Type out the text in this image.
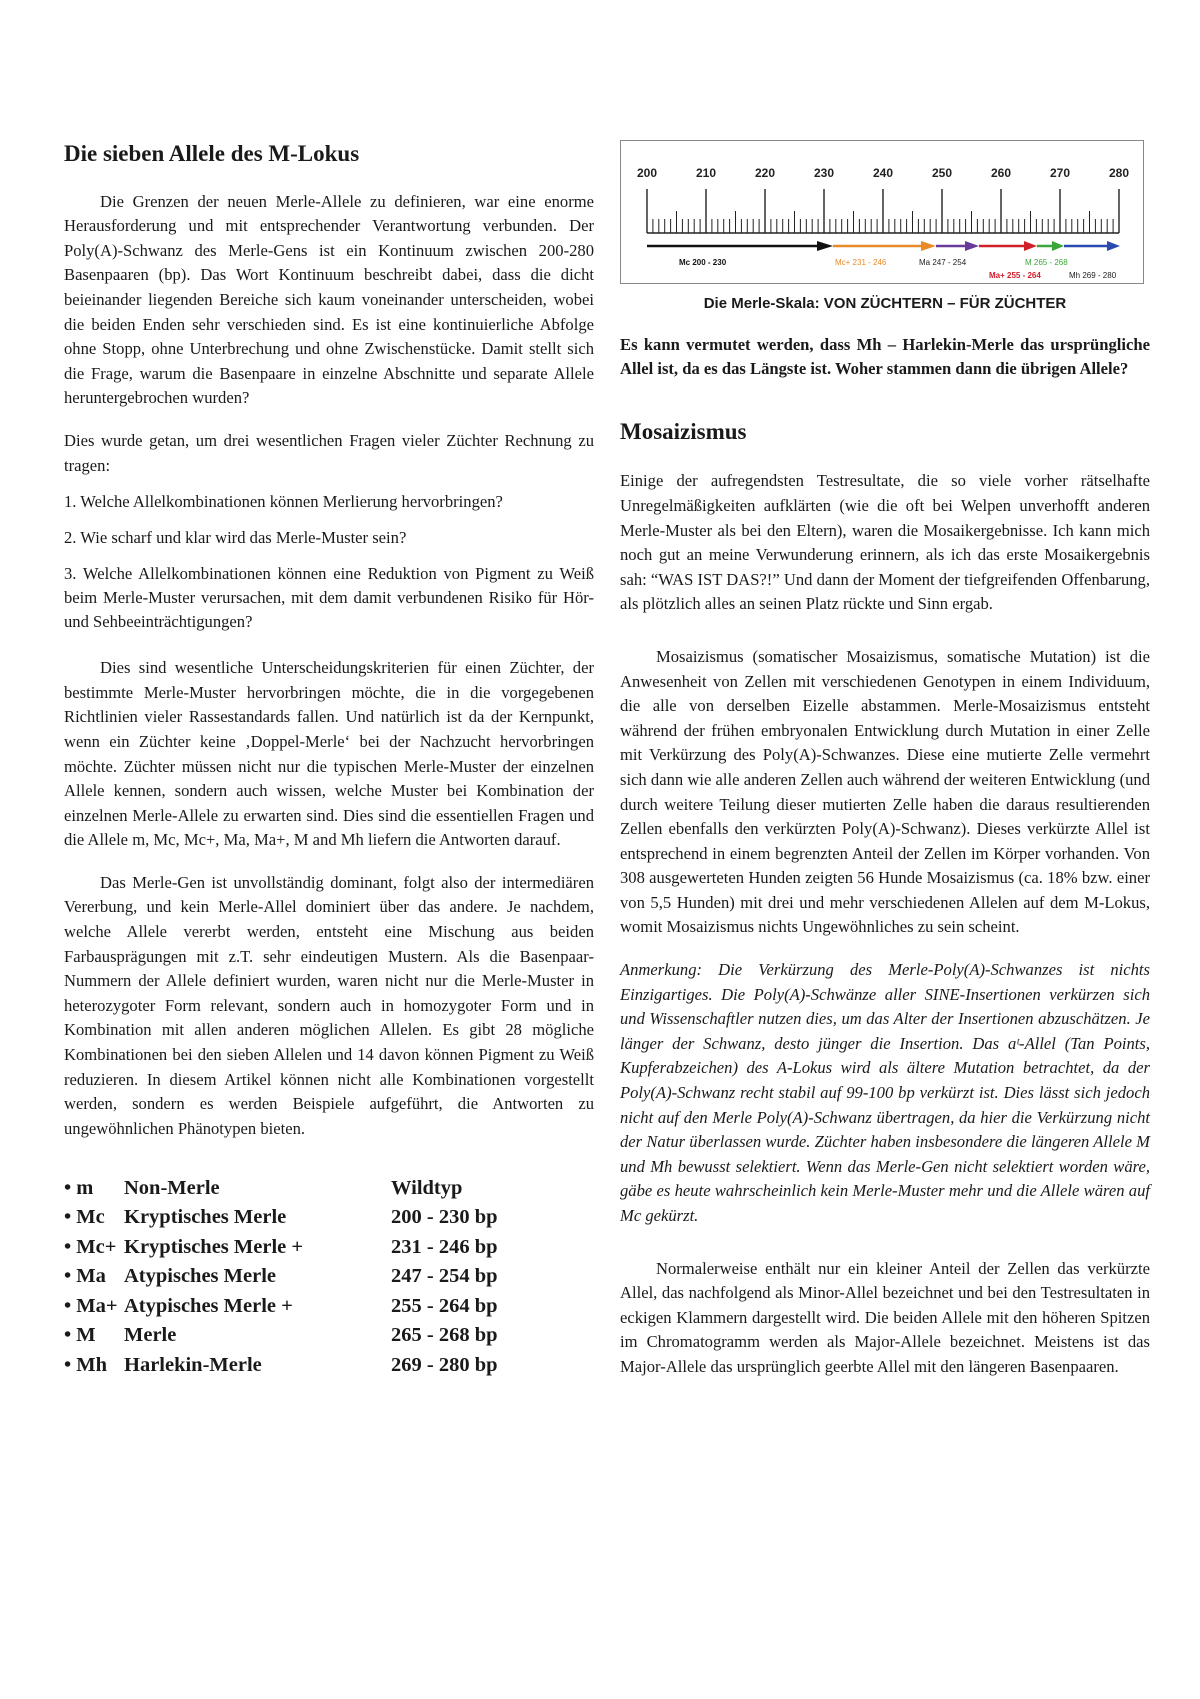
Die sieben Allele des M-Lokus

Die Grenzen der neuen Merle-Allele zu definieren, war eine enorme Herausforderung und mit entsprechender Verantwortung verbunden. Der Poly(A)-Schwanz des Merle-Gens ist ein Kontinuum zwischen 200-280 Basenpaaren (bp). Das Wort Kontinuum beschreibt dabei, dass die dicht beieinander liegenden Bereiche sich kaum voneinander unterscheiden, wobei die beiden Enden sehr verschieden sind. Es ist eine kontinuierliche Abfolge ohne Stopp, ohne Unterbrechung und ohne Zwischenstücke. Damit stellt sich die Frage, warum die Basenpaare in einzelne Abschnitte und separate Allele heruntergebrochen wurden?

Dies wurde getan, um drei wesentlichen Fragen vieler Züchter Rechnung zu tragen:

1. Welche Allelkombinationen können Merlierung hervorbringen?

2. Wie scharf und klar wird das Merle-Muster sein?

3. Welche Allelkombinationen können eine Reduktion von Pigment zu Weiß beim Merle-Muster verursachen, mit dem damit verbundenen Risiko für Hör- und Sehbeeinträchtigungen?

Dies sind wesentliche Unterscheidungskriterien für einen Züchter, der bestimmte Merle-Muster hervorbringen möchte, die in die vorgegebenen Richtlinien vieler Rassestandards fallen. Und natürlich ist da der Kernpunkt, wenn ein Züchter keine ‚Doppel-Merle‘ bei der Nachzucht hervorbringen möchte. Züchter müssen nicht nur die typischen Merle-Muster der einzelnen Allele kennen, sondern auch wissen, welche Muster bei Kombination der einzelnen Merle-Allele zu erwarten sind. Dies sind die essentiellen Fragen und die Allele m, Mc, Mc+, Ma, Ma+, M and Mh liefern die Antworten darauf.

Das Merle-Gen ist unvollständig dominant, folgt also der intermediären Vererbung, und kein Merle-Allel dominiert über das andere. Je nachdem, welche Allele vererbt werden, entsteht eine Mischung aus beiden Farbausprägungen mit z.T. sehr eindeutigen Mustern. Als die Basenpaar-Nummern der Allele definiert wurden, waren nicht nur die Merle-Muster in heterozygoter Form relevant, sondern auch in homozygoter Form und in Kombination mit allen anderen möglichen Allelen. Es gibt 28 mögliche Kombinationen bei den sieben Allelen und 14 davon können Pigment zu Weiß reduzieren. In diesem Artikel können nicht alle Kombinationen vorgestellt werden, sondern es werden Beispiele aufgeführt, die Antworten zu ungewöhnlichen Phänotypen bieten.

• m	Non-Merle	Wildtyp
• Mc	Kryptisches Merle	200 - 230 bp
• Mc+	Kryptisches Merle +	231 - 246 bp
• Ma	Atypisches Merle	247 - 254 bp
• Ma+	Atypisches Merle +	255 - 264 bp
• M	Merle	265 - 268 bp
• Mh	Harlekin-Merle	269 - 280 bp
200	210	220	230	240	250	260	270	280
Mc 200 - 230	Mc+ 231 - 246	Ma 247 - 254	M 265 - 268
Ma+ 255 - 264	Mh 269 - 280

Die Merle-Skala: VON ZÜCHTERN – FÜR ZÜCHTER

Es kann vermutet werden, dass Mh – Harlekin-Merle das ursprüngliche Allel ist, da es das Längste ist. Woher stammen dann die übrigen Allele?

Mosaizismus

Einige der aufregendsten Testresultate, die so viele vorher rätselhafte Unregelmäßigkeiten aufklärten (wie die oft bei Welpen unverhofft anderen Merle-Muster als bei den Eltern), waren die Mosaikergebnisse. Ich kann mich noch gut an meine Verwunderung erinnern, als ich das erste Mosaikergebnis sah: “WAS IST DAS?!” Und dann der Moment der tiefgreifenden Offenbarung, als plötzlich alles an seinen Platz rückte und Sinn ergab.

Mosaizismus (somatischer Mosaizismus, somatische Mutation) ist die Anwesenheit von Zellen mit verschiedenen Genotypen in einem Individuum, die alle von derselben Eizelle abstammen. Merle-Mosaizismus entsteht während der frühen embryonalen Entwicklung durch Mutation in einer Zelle mit Verkürzung des Poly(A)-Schwanzes. Diese eine mutierte Zelle vermehrt sich dann wie alle anderen Zellen auch während der weiteren Entwicklung (und durch weitere Teilung dieser mutierten Zelle haben die daraus resultierenden Zellen ebenfalls den verkürzten Poly(A)-Schwanz). Dieses verkürzte Allel ist entsprechend in einem begrenzten Anteil der Zellen im Körper vorhanden. Von 308 ausgewerteten Hunden zeigten 56 Hunde Mosaizismus (ca. 18% bzw. einer von 5,5 Hunden) mit drei und mehr verschiedenen Allelen auf dem M-Lokus, womit Mosaizismus nichts Ungewöhnliches zu sein scheint.

Anmerkung: Die Verkürzung des Merle-Poly(A)-Schwanzes ist nichts Einzigartiges. Die Poly(A)-Schwänze aller SINE-Insertionen verkürzen sich und Wissenschaftler nutzen dies, um das Alter der Insertionen abzuschätzen. Je länger der Schwanz, desto jünger die Insertion. Das aᵗ-Allel (Tan Points, Kupferabzeichen) des A-Lokus wird als ältere Mutation betrachtet, da der Poly(A)-Schwanz recht stabil auf 99-100 bp verkürzt ist. Dies lässt sich jedoch nicht auf den Merle Poly(A)-Schwanz übertragen, da hier die Verkürzung nicht der Natur überlassen wurde. Züchter haben insbesondere die längeren Allele M und Mh bewusst selektiert. Wenn das Merle-Gen nicht selektiert worden wäre, gäbe es heute wahrscheinlich kein Merle-Muster mehr und die Allele wären auf Mc gekürzt.

Normalerweise enthält nur ein kleiner Anteil der Zellen das verkürzte Allel, das nachfolgend als Minor-Allel bezeichnet und bei den Testresultaten in eckigen Klammern dargestellt wird. Die beiden Allele mit den höheren Spitzen im Chromatogramm werden als Major-Allele bezeichnet. Meistens ist das Major-Allele das ursprünglich geerbte Allel mit den längeren Basenpaaren.
